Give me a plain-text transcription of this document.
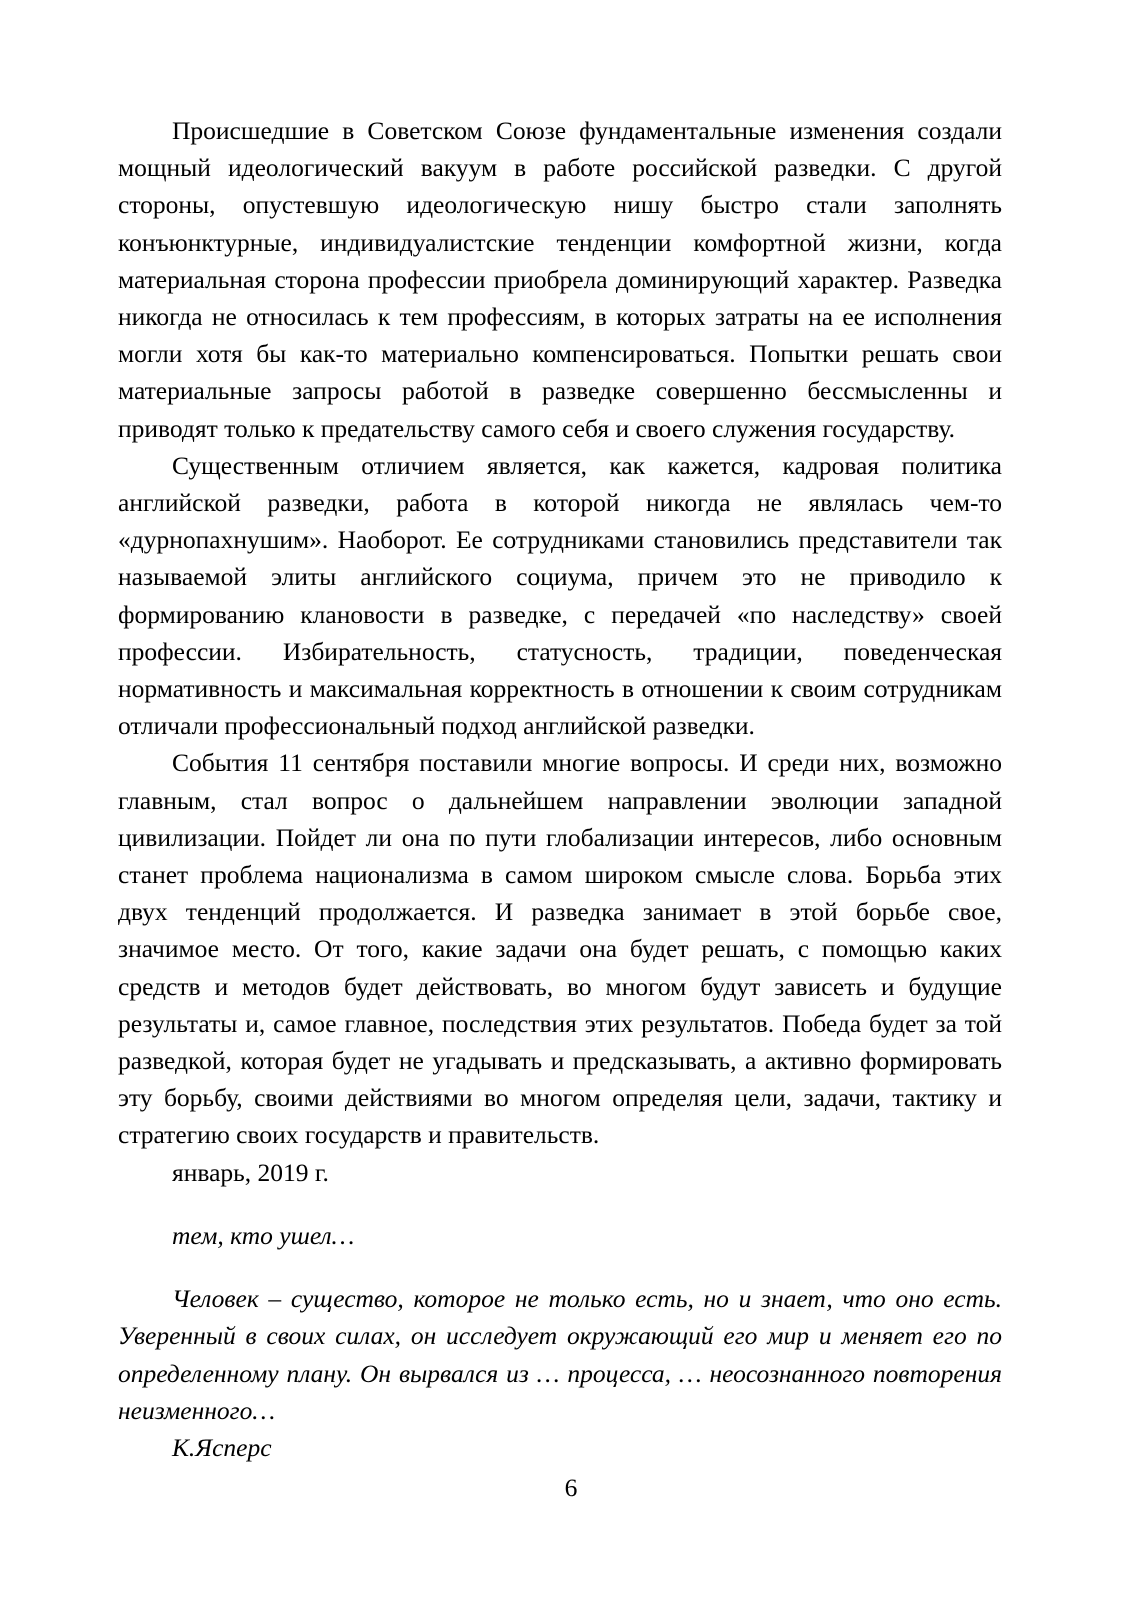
Происшедшие в Советском Союзе фундаментальные изменения создали мощный идеологический вакуум в работе российской разведки. С другой стороны, опустевшую идеологическую нишу быстро стали заполнять конъюнктурные, индивидуалистские тенденции комфортной жизни, когда материальная сторона профессии приобрела доминирующий характер. Разведка никогда не относилась к тем профессиям, в которых затраты на ее исполнения могли хотя бы как-то материально компенсироваться. Попытки решать свои материальные запросы работой в разведке совершенно бессмысленны и приводят только к предательству самого себя и своего служения государству.

Существенным отличием является, как кажется, кадровая политика английской разведки, работа в которой никогда не являлась чем-то «дурнопахнушим». Наоборот. Ее сотрудниками становились представители так называемой элиты английского социума, причем это не приводило к формированию клановости в разведке, с передачей «по наследству» своей профессии. Избирательность, статусность, традиции, поведенческая нормативность и максимальная корректность в отношении к своим сотрудникам отличали профессиональный подход английской разведки.

События 11 сентября поставили многие вопросы. И среди них, возможно главным, стал вопрос о дальнейшем направлении эволюции западной цивилизации. Пойдет ли она по пути глобализации интересов, либо основным станет проблема национализма в самом широком смысле слова. Борьба этих двух тенденций продолжается. И разведка занимает в этой борьбе свое, значимое место. От того, какие задачи она будет решать, с помощью каких средств и методов будет действовать, во многом будут зависеть и будущие результаты и, самое главное, последствия этих результатов. Победа будет за той разведкой, которая будет не угадывать и предсказывать, а активно формировать эту борьбу, своими действиями во многом определяя цели, задачи, тактику и стратегию своих государств и правительств.

январь, 2019 г.

тем, кто ушел…

Человек – существо, которое не только есть, но и знает, что оно есть. Уверенный в своих силах, он исследует окружающий его мир и меняет его по определенному плану. Он вырвался из … процесса, … неосознанного повторения неизменного…

К.Ясперс

6
